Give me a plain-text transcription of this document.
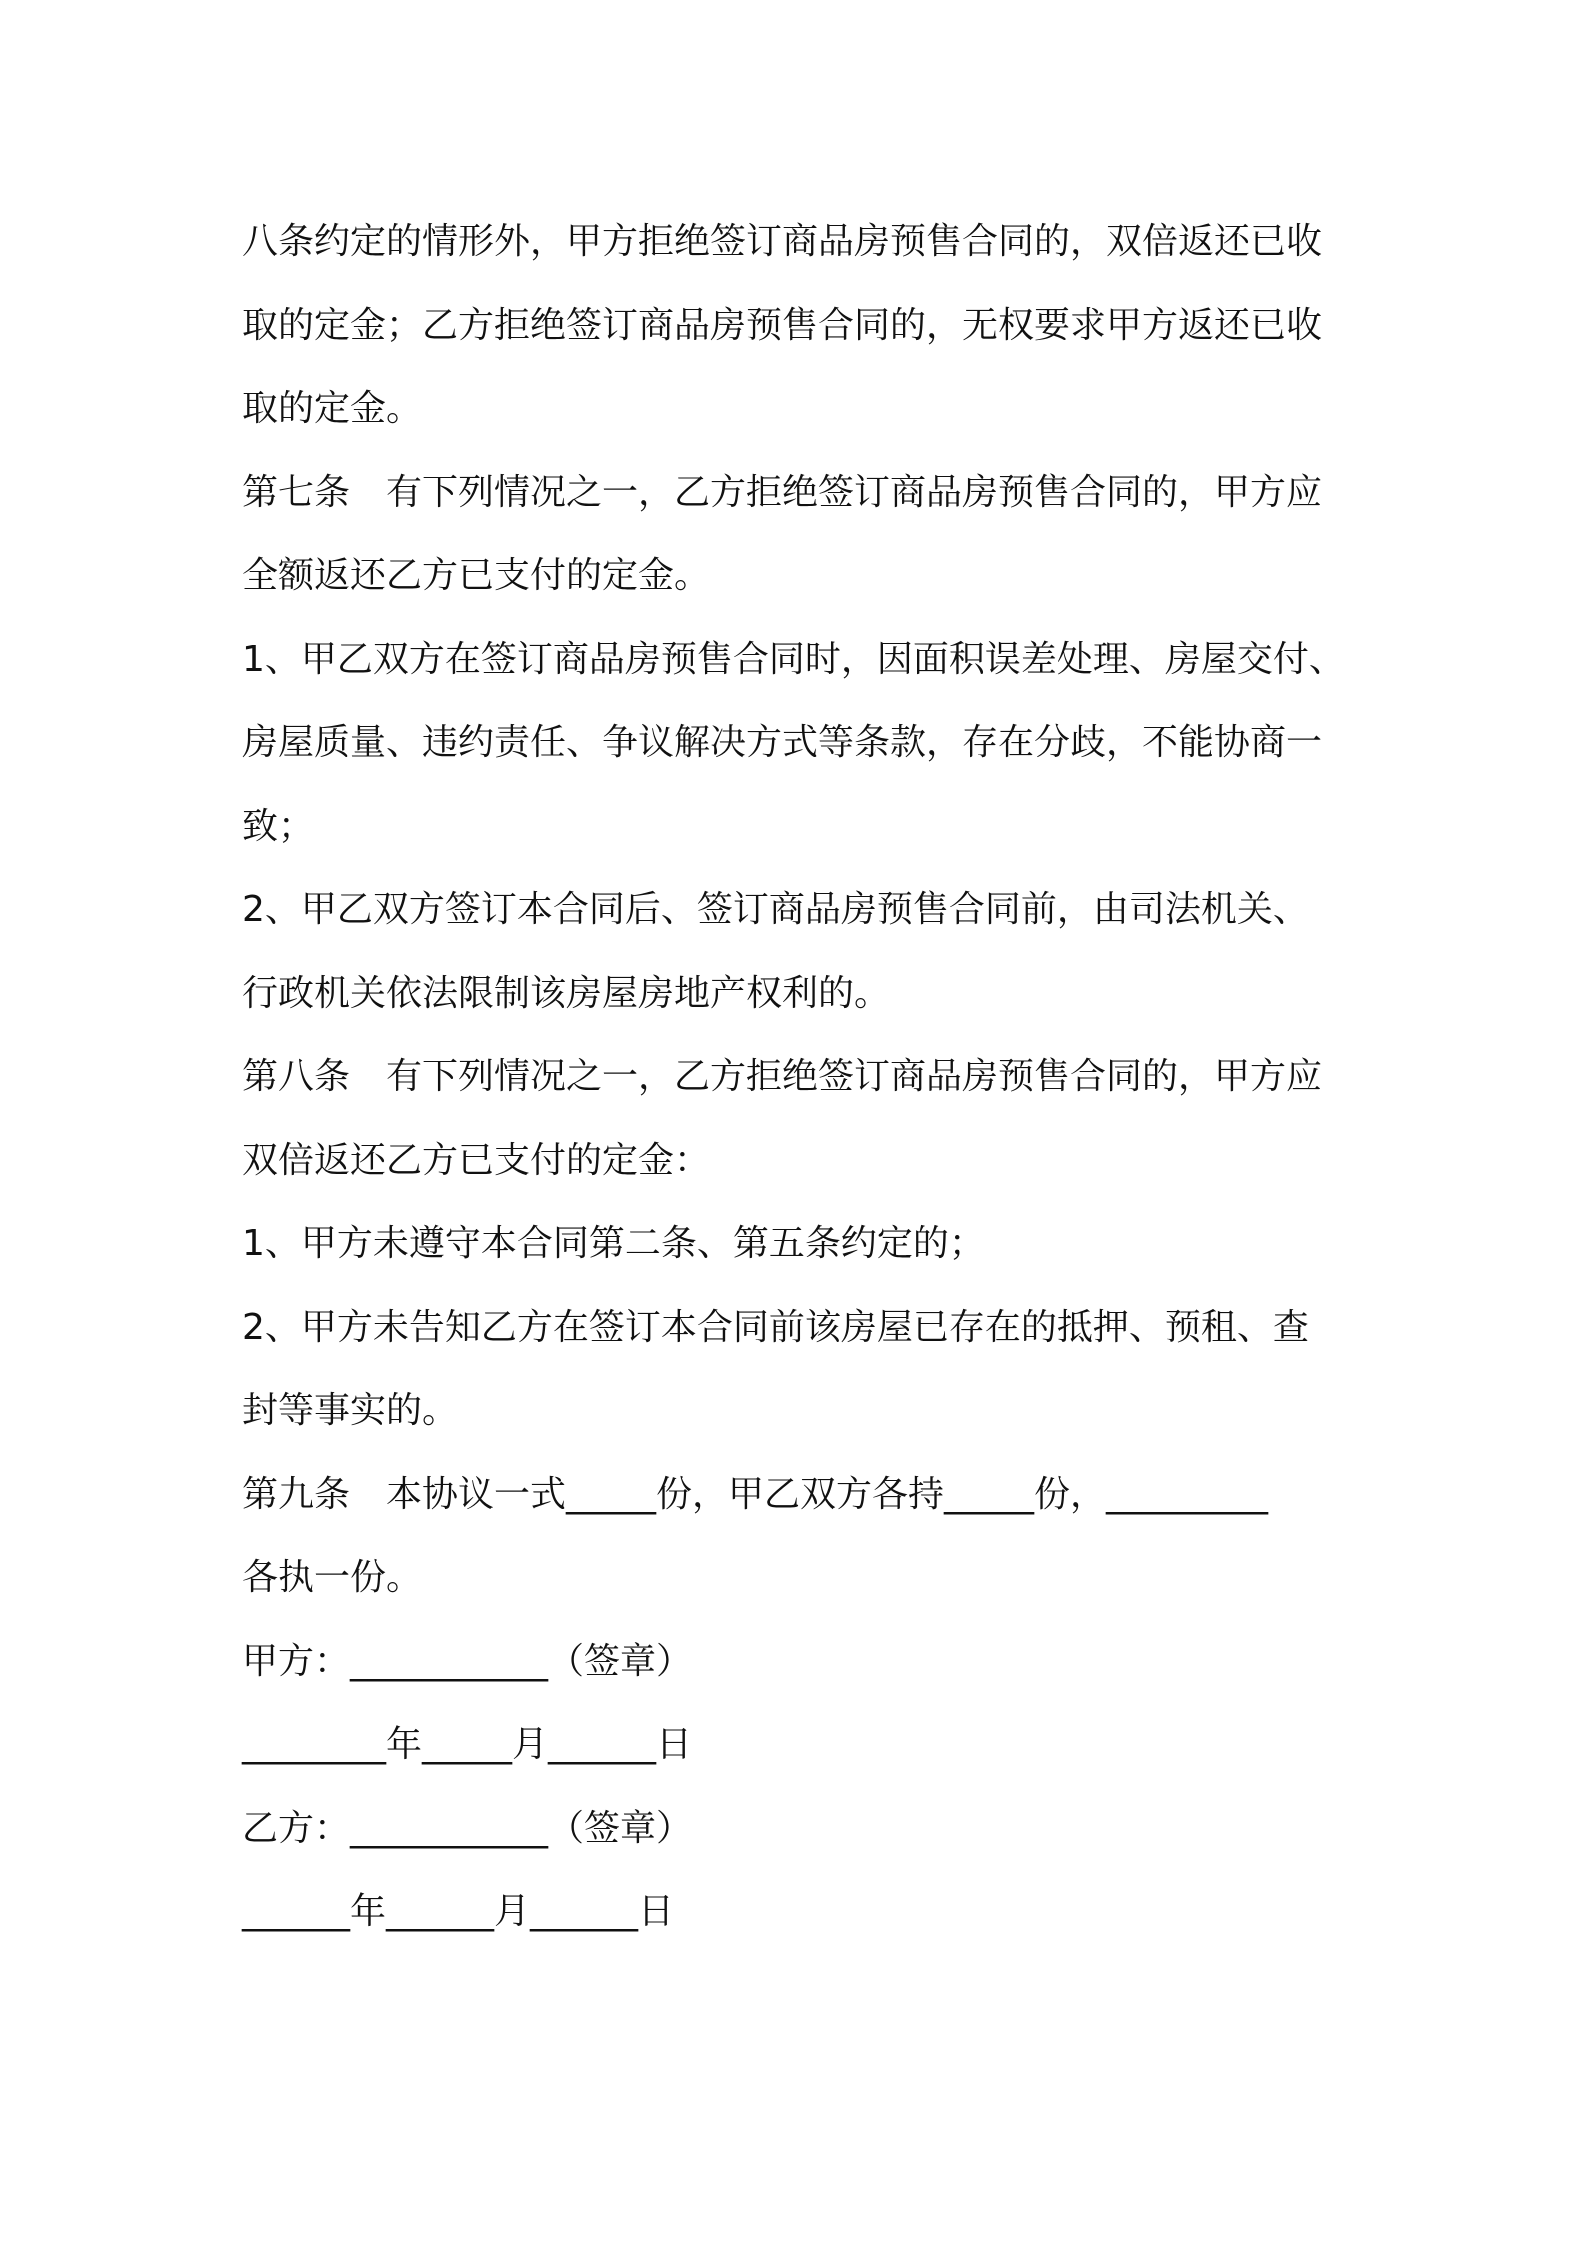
八条约定的情形外，甲方拒绝签订商品房预售合同的，双倍返还已收
取的定金；乙方拒绝签订商品房预售合同的，无权要求甲方返还已收
取的定金。
第七条　有下列情况之一，乙方拒绝签订商品房预售合同的，甲方应
全额返还乙方已支付的定金。
1、甲乙双方在签订商品房预售合同时，因面积误差处理、房屋交付、
房屋质量、违约责任、争议解决方式等条款，存在分歧，不能协商一
致；
2、甲乙双方签订本合同后、签订商品房预售合同前，由司法机关、
行政机关依法限制该房屋房地产权利的。
第八条　有下列情况之一，乙方拒绝签订商品房预售合同的，甲方应
双倍返还乙方已支付的定金：
1、甲方未遵守本合同第二条、第五条约定的；
2、甲方未告知乙方在签订本合同前该房屋已存在的抵押、预租、查
封等事实的。
第九条　本协议一式_____份，甲乙双方各持_____份，_________
各执一份。
甲方：___________（签章）
________年_____月______日
乙方：___________（签章）
______年______月______日
